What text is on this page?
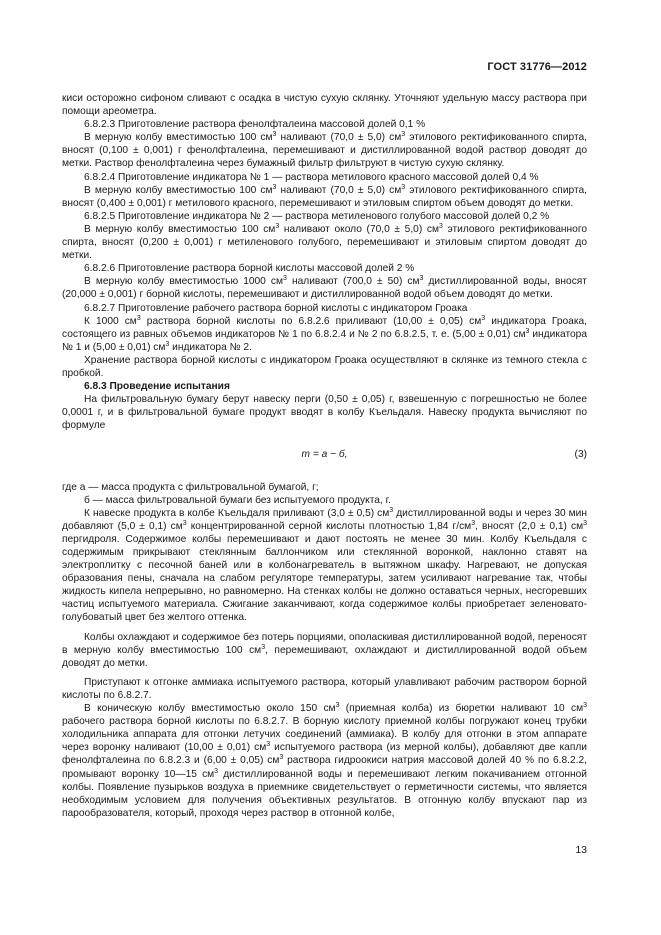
ГОСТ 31776—2012

киси осторожно сифоном сливают с осадка в чистую сухую склянку. Уточняют удельную массу раствора при помощи ареометра.

6.8.2.3 Приготовление раствора фенолфталеина массовой долей 0,1 %

В мерную колбу вместимостью 100 $см^3$ наливают (70,0 ± 5,0) $см^3$ этилового ректификованного спирта, вносят (0,100 ± 0,001) г фенолфталеина, перемешивают и дистиллированной водой раствор доводят до метки. Раствор фенолфталеина через бумажный фильтр фильтруют в чистую сухую склянку.

6.8.2.4 Приготовление индикатора № 1 — раствора метилового красного массовой долей 0,4 %

В мерную колбу вместимостью 100 $см^3$ наливают (70,0 ± 5,0) $см^3$ этилового ректификованного спирта, вносят (0,400 ± 0,001) г метилового красного, перемешивают и этиловым спиртом объем доводят до метки.

6.8.2.5 Приготовление индикатора № 2 — раствора метиленового голубого массовой долей 0,2 %

В мерную колбу вместимостью 100 $см^3$ наливают около (70,0 ± 5,0) $см^3$ этилового ректификованного спирта, вносят (0,200 ± 0,001) г метиленового голубого, перемешивают и этиловым спиртом доводят до метки.

6.8.2.6 Приготовление раствора борной кислоты массовой долей 2 %

В мерную колбу вместимостью 1000 $см^3$ наливают (700,0 ± 50) $см^3$ дистиллированной воды, вносят (20,000 ± 0,001) г борной кислоты, перемешивают и дистиллированной водой объем доводят до метки.

6.8.2.7 Приготовление рабочего раствора борной кислоты с индикатором Гроака

К 1000 $см^3$ раствора борной кислоты по 6.8.2.6 приливают (10,00 ± 0,05) $см^3$ индикатора Гроака, состоящего из равных объемов индикаторов № 1 по 6.8.2.4 и № 2 по 6.8.2.5, т. е. (5,00 ± 0,01) $см^3$ индикатора № 1 и (5,00 ± 0,01) $см^3$ индикатора № 2.

Хранение раствора борной кислоты с индикатором Гроака осуществляют в склянке из темного стекла с пробкой.

6.8.3 Проведение испытания

На фильтровальную бумагу берут навеску перги (0,50 ± 0,05) г, взвешенную с погрешностью не более 0,0001 г, и в фильтровальной бумаге продукт вводят в колбу Къельдаля. Навеску продукта вычисляют по формуле

m = a − б,	(3)

где а — масса продукта с фильтровальной бумагой, г;

б — масса фильтровальной бумаги без испытуемого продукта, г.

К навеске продукта в колбе Къельдаля приливают (3,0 ± 0,5) $см^3$ дистиллированной воды и через 30 мин добавляют (5,0 ± 0,1) $см^3$ концентрированной серной кислоты плотностью 1,84 $г/см^3$, вносят (2,0 ± 0,1) $см^3$ пергидроля. Содержимое колбы перемешивают и дают постоять не менее 30 мин. Колбу Къельдаля с содержимым прикрывают стеклянным баллончиком или стеклянной воронкой, наклонно ставят на электроплитку с песочной баней или в колбонагреватель в вытяжном шкафу. Нагревают, не допуская образования пены, сначала на слабом регуляторе температуры, затем усиливают нагревание так, чтобы жидкость кипела непрерывно, но равномерно. На стенках колбы не должно оставаться черных, несгоревших частиц испытуемого материала. Сжигание заканчивают, когда содержимое колбы приобретает зеленовато-голубоватый цвет без желтого оттенка.

Колбы охлаждают и содержимое без потерь порциями, ополаскивая дистиллированной водой, переносят в мерную колбу вместимостью 100 $см^3$, перемешивают, охлаждают и дистиллированной водой объем доводят до метки.

Приступают к отгонке аммиака испытуемого раствора, который улавливают рабочим раствором борной кислоты по 6.8.2.7.

В коническую колбу вместимостью около 150 $см^3$ (приемная колба) из бюретки наливают 10 $см^3$ рабочего раствора борной кислоты по 6.8.2.7. В борную кислоту приемной колбы погружают конец трубки холодильника аппарата для отгонки летучих соединений (аммиака). В колбу для отгонки в этом аппарате через воронку наливают (10,00 ± 0,01) $см^3$ испытуемого раствора (из мерной колбы), добавляют две капли фенолфталеина по 6.8.2.3 и (6,00 ± 0,05) $см^3$ раствора гидроокиси натрия массовой долей 40 % по 6.8.2.2, промывают воронку 10—15 $см^3$ дистиллированной воды и перемешивают легким покачиванием отгонной колбы. Появление пузырьков воздуха в приемнике свидетельствует о герметичности системы, что является необходимым условием для получения объективных результатов. В отгонную колбу впускают пар из парообразователя, который, проходя через раствор в отгонной колбе,

13
